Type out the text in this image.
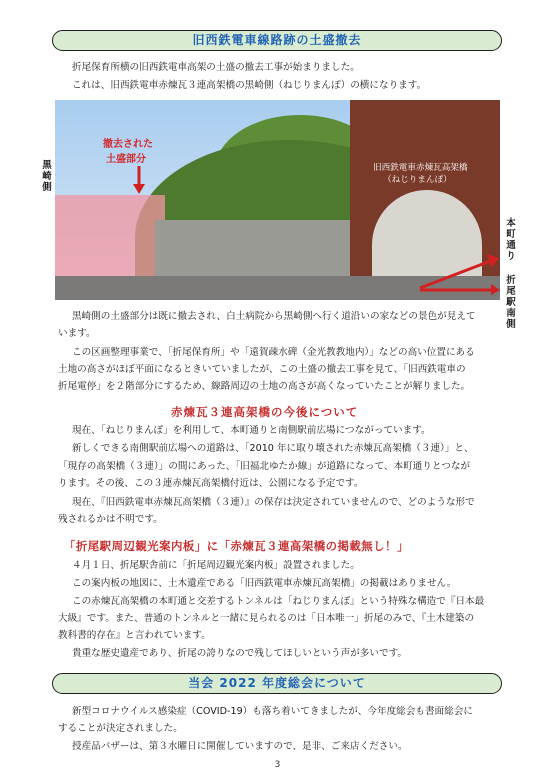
旧西鉄電車線路跡の土盛撤去
折尾保育所横の旧西鉄電車高架の土盛の撤去工事が始まりました。
これは、旧西鉄電車赤煉瓦３連高架橋の黒崎側（ねじりまんぽ）の横になります。
黒崎側
撤去された
土盛部分
旧西鉄電車赤煉瓦高架橋
（ねじりまんぽ）
本町通り
折尾駅南側
黒崎側の土盛部分は既に撤去され、白土病院から黒崎側へ行く道沿いの家などの景色が見えて
います。
この区画整理事業で、「折尾保育所」や「遠賀疎水碑（金光教教地内）」などの高い位置にある
土地の高さがほぼ平面になるときいていましたが、この土盛の撤去工事を見て、「旧西鉄電車の
折尾電停」を２階部分にするため、線路周辺の土地の高さが高くなっていたことが解りました。
赤煉瓦３連高架橋の今後について
現在、「ねじりまんぽ」を利用して、本町通りと南側駅前広場につながっています。
新しくできる南側駅前広場への道路は、「2010 年に取り壊された赤煉瓦高架橋（３連）」と、
「現存の高架橋（３連）」の間にあった、「旧福北ゆたか線」が道路になって、本町通りとつなが
ります。その後、この３連赤煉瓦高架橋付近は、公園になる予定です。
現在、『旧西鉄電車赤煉瓦高架橋（３連）』の保存は決定されていませんので、どのような形で
残されるかは不明です。
「折尾駅周辺観光案内板」に「赤煉瓦３連高架橋の掲載無し！」
４月１日、折尾駅舎前に「折尾周辺観光案内板」設置されました。
この案内板の地図に、土木遺産である「旧西鉄電車赤煉瓦高架橋」の掲載はありません。
この赤煉瓦高架橋の本町通と交差するトンネルは「ねじりまんぽ」という特殊な構造で『日本最
大級』です。また、普通のトンネルと一緒に見られるのは「日本唯一」折尾のみで、『土木建築の
教科書的存在』と言われています。
貴重な歴史遺産であり、折尾の誇りなので残してほしいという声が多いです。
当会 2022 年度総会について
新型コロナウイルス感染症（COVID-19）も落ち着いてきましたが、今年度総会も書面総会に
することが決定されました。
授産品バザーは、第３水曜日に開催していますので、是非、ご来店ください。
3
